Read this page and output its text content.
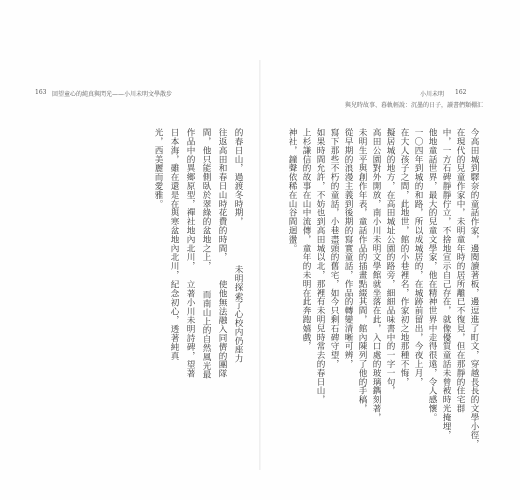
163 回望童心的純真與閃光——小川未明文學散步
的春日山，過渡冬時期，
往返高田和春日山時花費的時間，
間，他只能側臥於翠綠的盆地之上，
作品中的異鄉原型，禪社地內北川，
日本海，雖在還是在與寒盆地內北川，
光，西美麗而愛雅。
未明探索了心校内仍座力
使他無法融入同儕的團隊
而南山上的自然風光最
立著小川未明詩碑，望著
紀念初心，透著純真
小川未明 162
與兒時故事、暮軌輕說：沉墨的日子，讀書們類棚汇
今高田城到驛奈的童話作家，邊閱讀著板，邊逗進了町文，穿越長長的文學小徑，
在現代的兒童作家中，未明童年時的居所離已不復見，但在那靜的住宅群
中，一方石碑靜靜佇立，不捨地宣示自己存在，就像優質童話未曾被時光掩埋，
他地童話世界，最大的兒童文學家，他在精神世界中走得很遠，令人感懷。
一〇四年到城的和路，所以成城居的，在城跡前留出，今夜上月，
在大人孩子之間，此地世，館的小巷裡名，作家初之地那種不悔，
擬居城的地方，在高田城址公園的路旁，細細品味書中的一字一句，
高田公園對外開放，南小川未明文學館就坐落在此，入口處的玻璃鐫刻著，
未明生平與創作年表，童話作品的插畫點綴其間，館內陳列了他的手稿，
從早期的浪漫主義到後期的寫實童話，作品的轉變清晰可辨，
寫下那些不朽的童話，小巷盡頭的舊宅，如今只剩石碑守望，
如果時間允許，不妨也到高田城以北，那裡有未明兒時常去的春日山，
上杉謙信的故事在山中流傳，童年的未明在此奔跑嬉戲，
神社，鐘聲依稀在山谷間迴盪。
